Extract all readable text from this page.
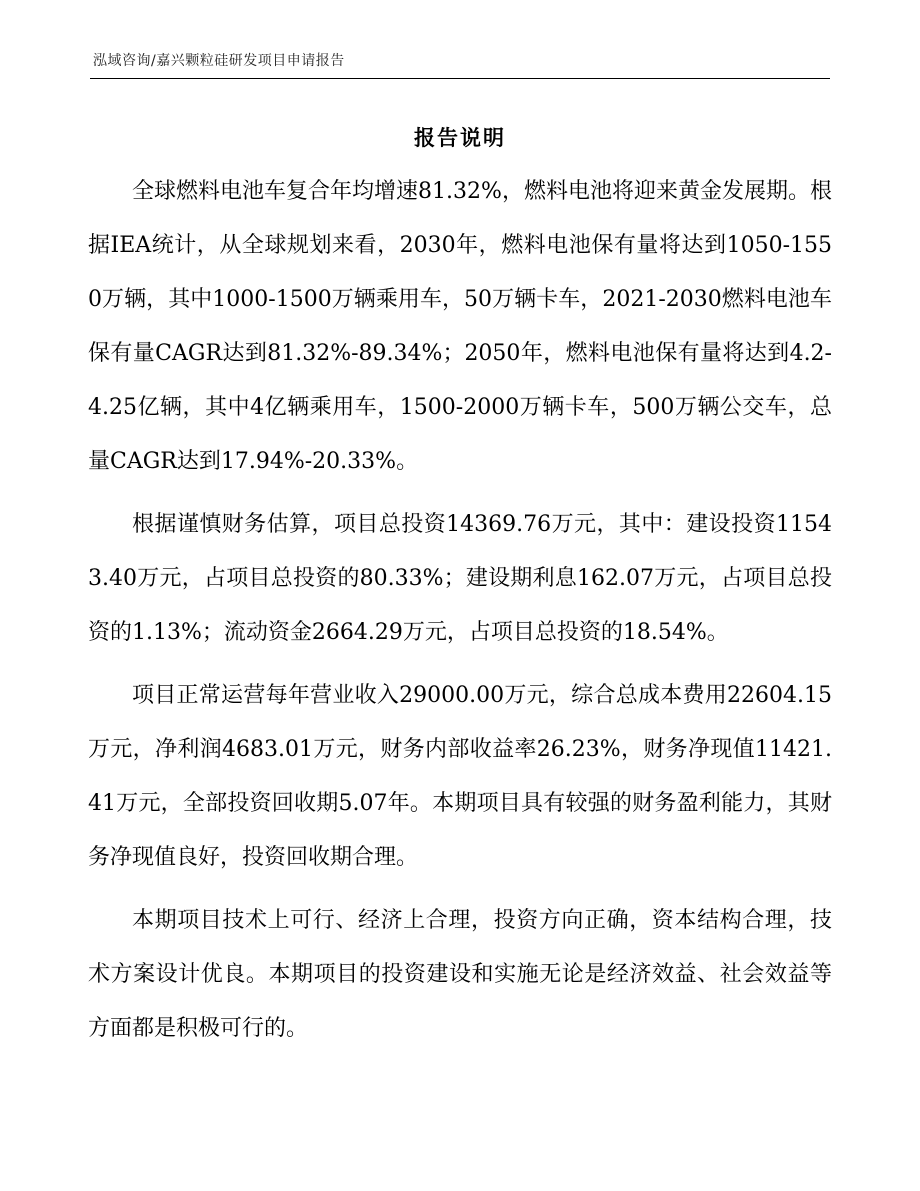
泓域咨询/嘉兴颗粒硅研发项目申请报告
报告说明

全球燃料电池车复合年均增速81.32%，燃料电池将迎来黄金发展期。根据IEA统计，从全球规划来看，2030年，燃料电池保有量将达到1050-1550万辆，其中1000-1500万辆乘用车，50万辆卡车，2021-2030燃料电池车保有量CAGR达到81.32%-89.34%；2050年，燃料电池保有量将达到4.2-4.25亿辆，其中4亿辆乘用车，1500-2000万辆卡车，500万辆公交车，总量CAGR达到17.94%-20.33%。

根据谨慎财务估算，项目总投资14369.76万元，其中：建设投资11543.40万元，占项目总投资的80.33%；建设期利息162.07万元，占项目总投资的1.13%；流动资金2664.29万元，占项目总投资的18.54%。

项目正常运营每年营业收入29000.00万元，综合总成本费用22604.15万元，净利润4683.01万元，财务内部收益率26.23%，财务净现值11421.41万元，全部投资回收期5.07年。本期项目具有较强的财务盈利能力，其财务净现值良好，投资回收期合理。

本期项目技术上可行、经济上合理，投资方向正确，资本结构合理，技术方案设计优良。本期项目的投资建设和实施无论是经济效益、社会效益等方面都是积极可行的。
